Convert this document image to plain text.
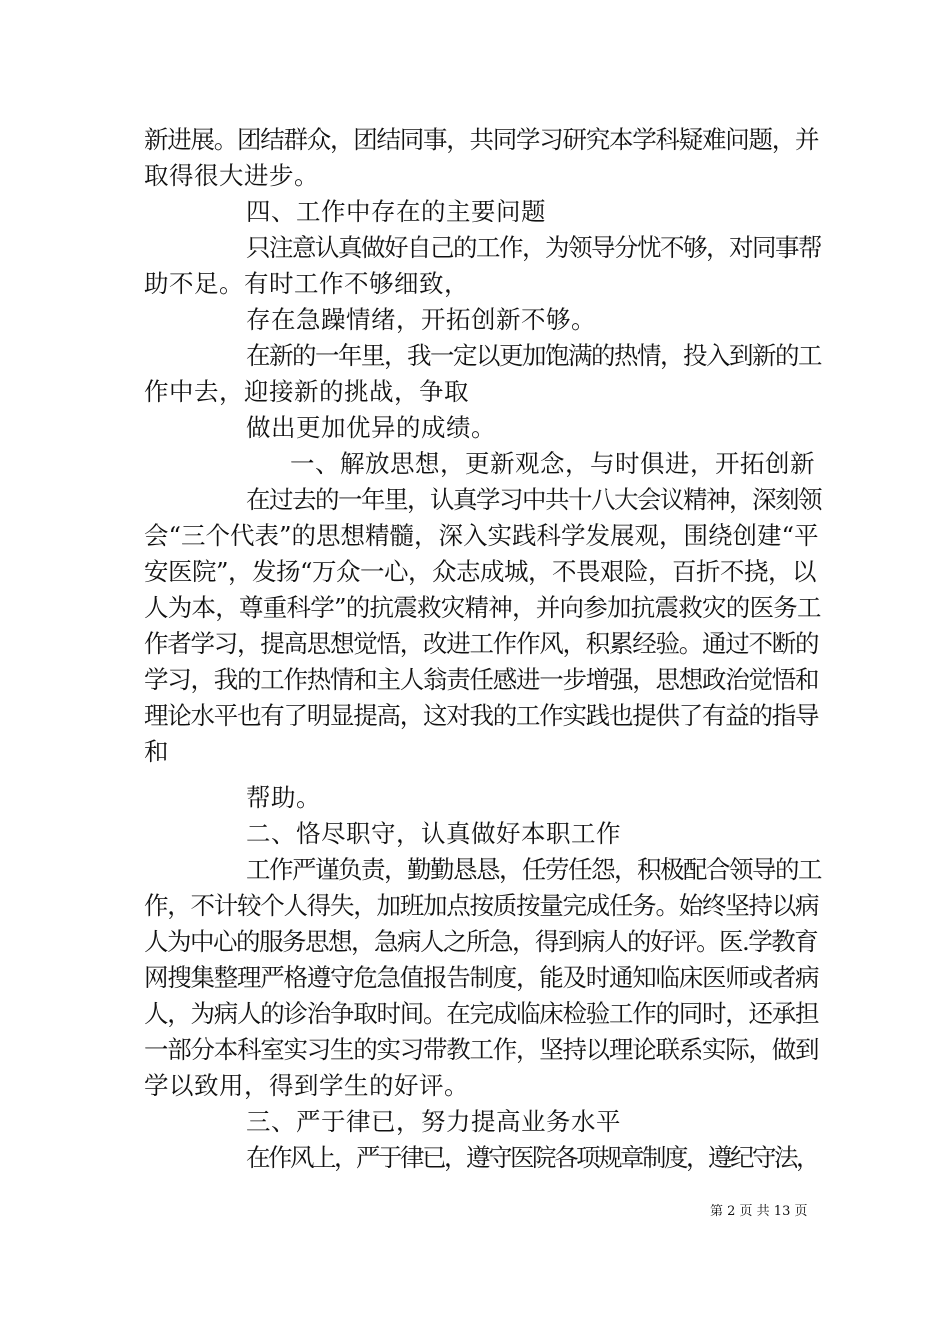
新进展。团结群众，团结同事，共同学习研究本学科疑难问题，并
取得很大进步。
四、工作中存在的主要问题
只注意认真做好自己的工作，为领导分忧不够，对同事帮
助不足。有时工作不够细致，
存在急躁情绪，开拓创新不够。
在新的一年里，我一定以更加饱满的热情，投入到新的工
作中去，迎接新的挑战，争取
做出更加优异的成绩。
一、解放思想，更新观念，与时俱进，开拓创新
在过去的一年里，认真学习中共十八大会议精神，深刻领
会“三个代表”的思想精髓，深入实践科学发展观，围绕创建“平
安医院”，发扬“万众一心，众志成城，不畏艰险，百折不挠，以
人为本，尊重科学”的抗震救灾精神，并向参加抗震救灾的医务工
作者学习，提高思想觉悟，改进工作作风，积累经验。通过不断的
学习，我的工作热情和主人翁责任感进一步增强，思想政治觉悟和
理论水平也有了明显提高，这对我的工作实践也提供了有益的指导
和
帮助。
二、恪尽职守，认真做好本职工作
工作严谨负责，勤勤恳恳，任劳任怨，积极配合领导的工
作，不计较个人得失，加班加点按质按量完成任务。始终坚持以病
人为中心的服务思想，急病人之所急，得到病人的好评。医.学教育
网搜集整理严格遵守危急值报告制度，能及时通知临床医师或者病
人，为病人的诊治争取时间。在完成临床检验工作的同时，还承担
一部分本科室实习生的实习带教工作，坚持以理论联系实际，做到
学以致用，得到学生的好评。
三、严于律已，努力提高业务水平
在作风上，严于律已，遵守医院各项规章制度，遵纪守法，
第 2 页 共 13 页
